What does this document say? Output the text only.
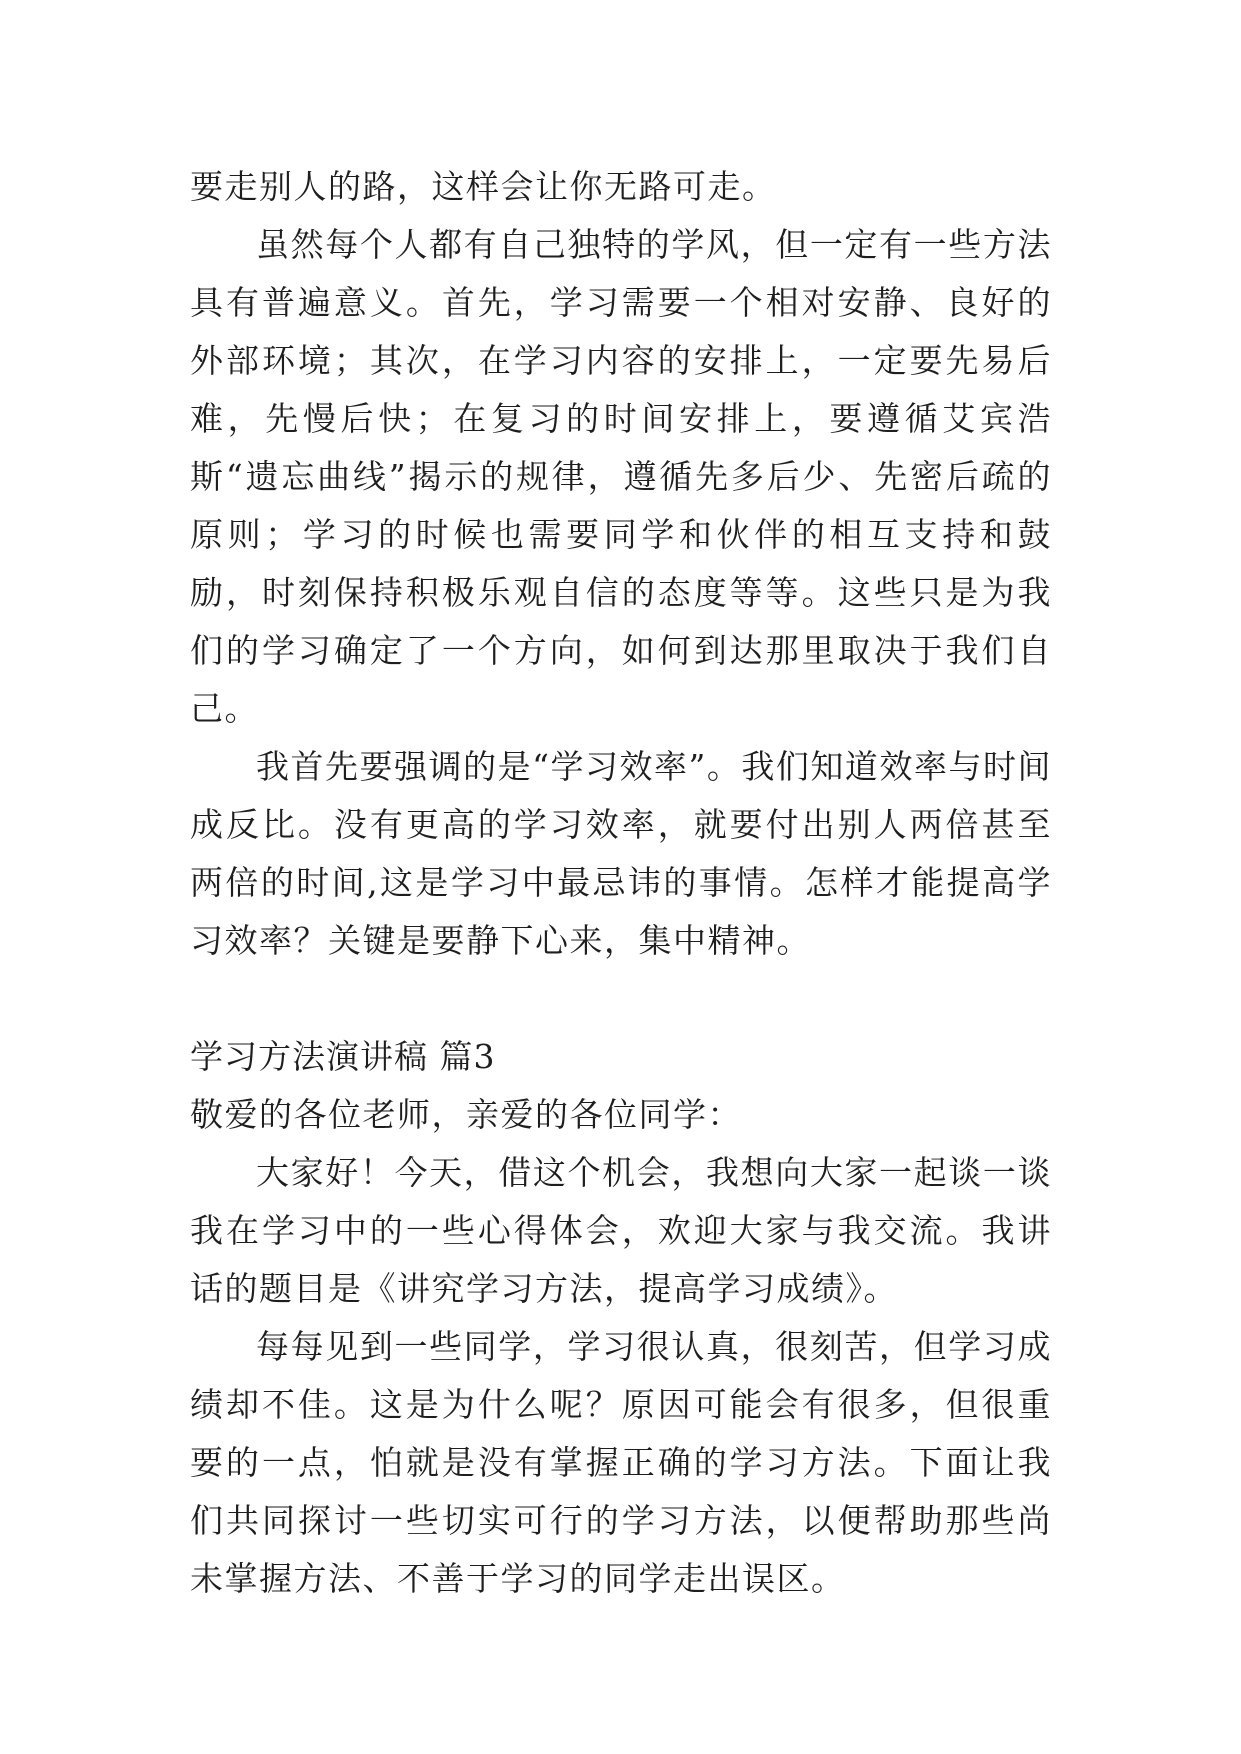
要走别人的路，这样会让你无路可走。

虽然每个人都有自己独特的学风，但一定有一些方法具有普遍意义。首先，学习需要一个相对安静、良好的外部环境；其次，在学习内容的安排上，一定要先易后难，先慢后快；在复习的时间安排上，要遵循艾宾浩斯“遗忘曲线”揭示的规律，遵循先多后少、先密后疏的原则；学习的时候也需要同学和伙伴的相互支持和鼓励，时刻保持积极乐观自信的态度等等。这些只是为我们的学习确定了一个方向，如何到达那里取决于我们自己。

我首先要强调的是“学习效率”。我们知道效率与时间成反比。没有更高的学习效率，就要付出别人两倍甚至两倍的时间,这是学习中最忌讳的事情。怎样才能提高学习效率？关键是要静下心来，集中精神。

学习方法演讲稿 篇3

敬爱的各位老师，亲爱的各位同学：

大家好！今天，借这个机会，我想向大家一起谈一谈我在学习中的一些心得体会，欢迎大家与我交流。我讲话的题目是《讲究学习方法，提高学习成绩》。

每每见到一些同学，学习很认真，很刻苦，但学习成绩却不佳。这是为什么呢？原因可能会有很多，但很重要的一点，怕就是没有掌握正确的学习方法。下面让我们共同探讨一些切实可行的学习方法，以便帮助那些尚未掌握方法、不善于学习的同学走出误区。
